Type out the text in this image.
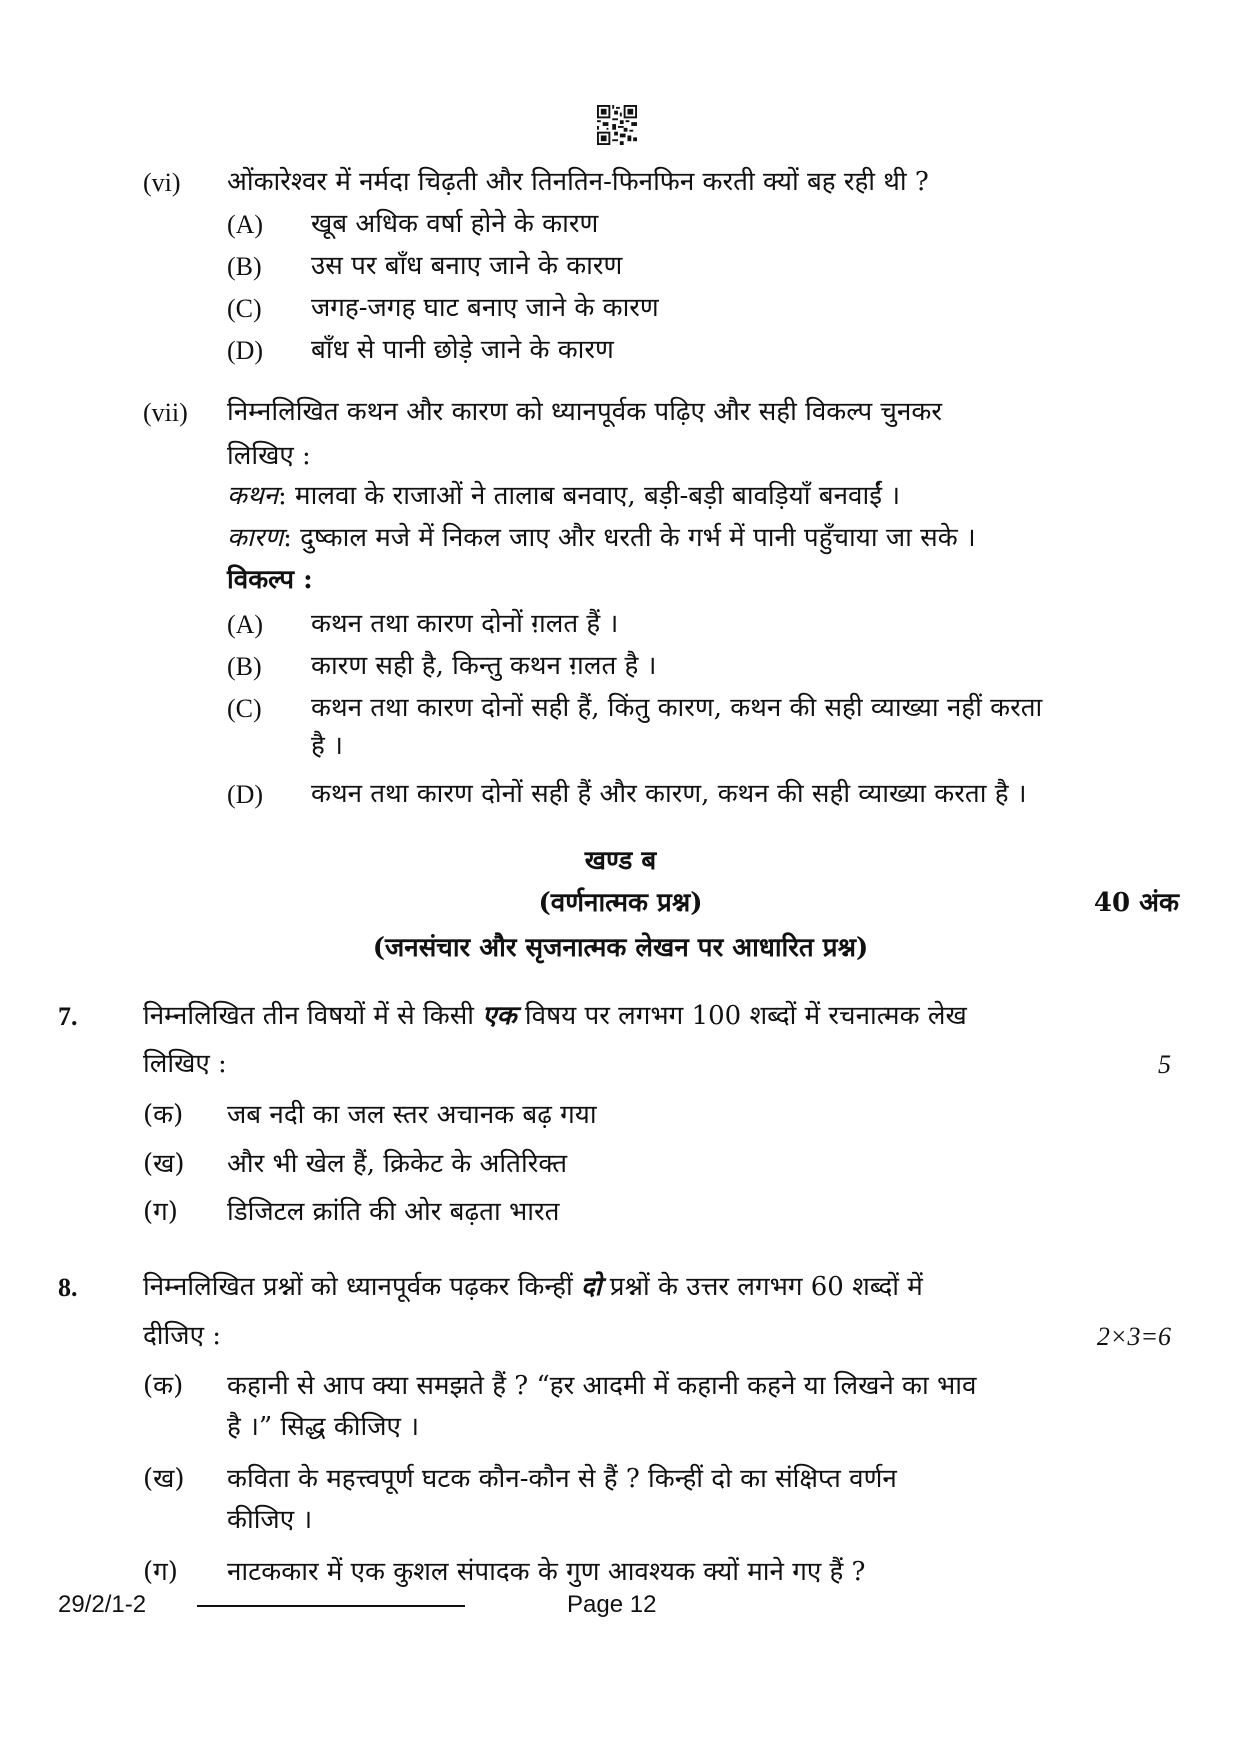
(vi) ओंकारेश्वर में नर्मदा चिढ़ती और तिनतिन-फिनफिन करती क्यों बह रही थी ?
(A) खूब अधिक वर्षा होने के कारण
(B) उस पर बाँध बनाए जाने के कारण
(C) जगह-जगह घाट बनाए जाने के कारण
(D) बाँध से पानी छोड़े जाने के कारण
(vii) निम्नलिखित कथन और कारण को ध्यानपूर्वक पढ़िए और सही विकल्प चुनकर
लिखिए :
कथन: मालवा के राजाओं ने तालाब बनवाए, बड़ी-बड़ी बावड़ियाँ बनवाईं ।
कारण: दुष्काल मजे में निकल जाए और धरती के गर्भ में पानी पहुँचाया जा सके ।
विकल्प :
(A) कथन तथा कारण दोनों ग़लत हैं ।
(B) कारण सही है, किन्तु कथन ग़लत है ।
(C) कथन तथा कारण दोनों सही हैं, किंतु कारण, कथन की सही व्याख्या नहीं करता
है ।
(D) कथन तथा कारण दोनों सही हैं और कारण, कथन की सही व्याख्या करता है ।
खण्ड ब
(वर्णनात्मक प्रश्न)	40 अंक
(जनसंचार और सृजनात्मक लेखन पर आधारित प्रश्न)
7.	निम्नलिखित तीन विषयों में से किसी एक विषय पर लगभग 100 शब्दों में रचनात्मक लेख
लिखिए :	5
(क) जब नदी का जल स्तर अचानक बढ़ गया
(ख) और भी खेल हैं, क्रिकेट के अतिरिक्त
(ग) डिजिटल क्रांति की ओर बढ़ता भारत
8.	निम्नलिखित प्रश्नों को ध्यानपूर्वक पढ़कर किन्हीं दो प्रश्नों के उत्तर लगभग 60 शब्दों में
दीजिए :	2×3=6
(क) कहानी से आप क्या समझते हैं ? “हर आदमी में कहानी कहने या लिखने का भाव
है ।” सिद्ध कीजिए ।
(ख) कविता के महत्त्वपूर्ण घटक कौन-कौन से हैं ? किन्हीं दो का संक्षिप्त वर्णन
कीजिए ।
(ग) नाटककार में एक कुशल संपादक के गुण आवश्यक क्यों माने गए हैं ?
29/2/1-2	Page 12
